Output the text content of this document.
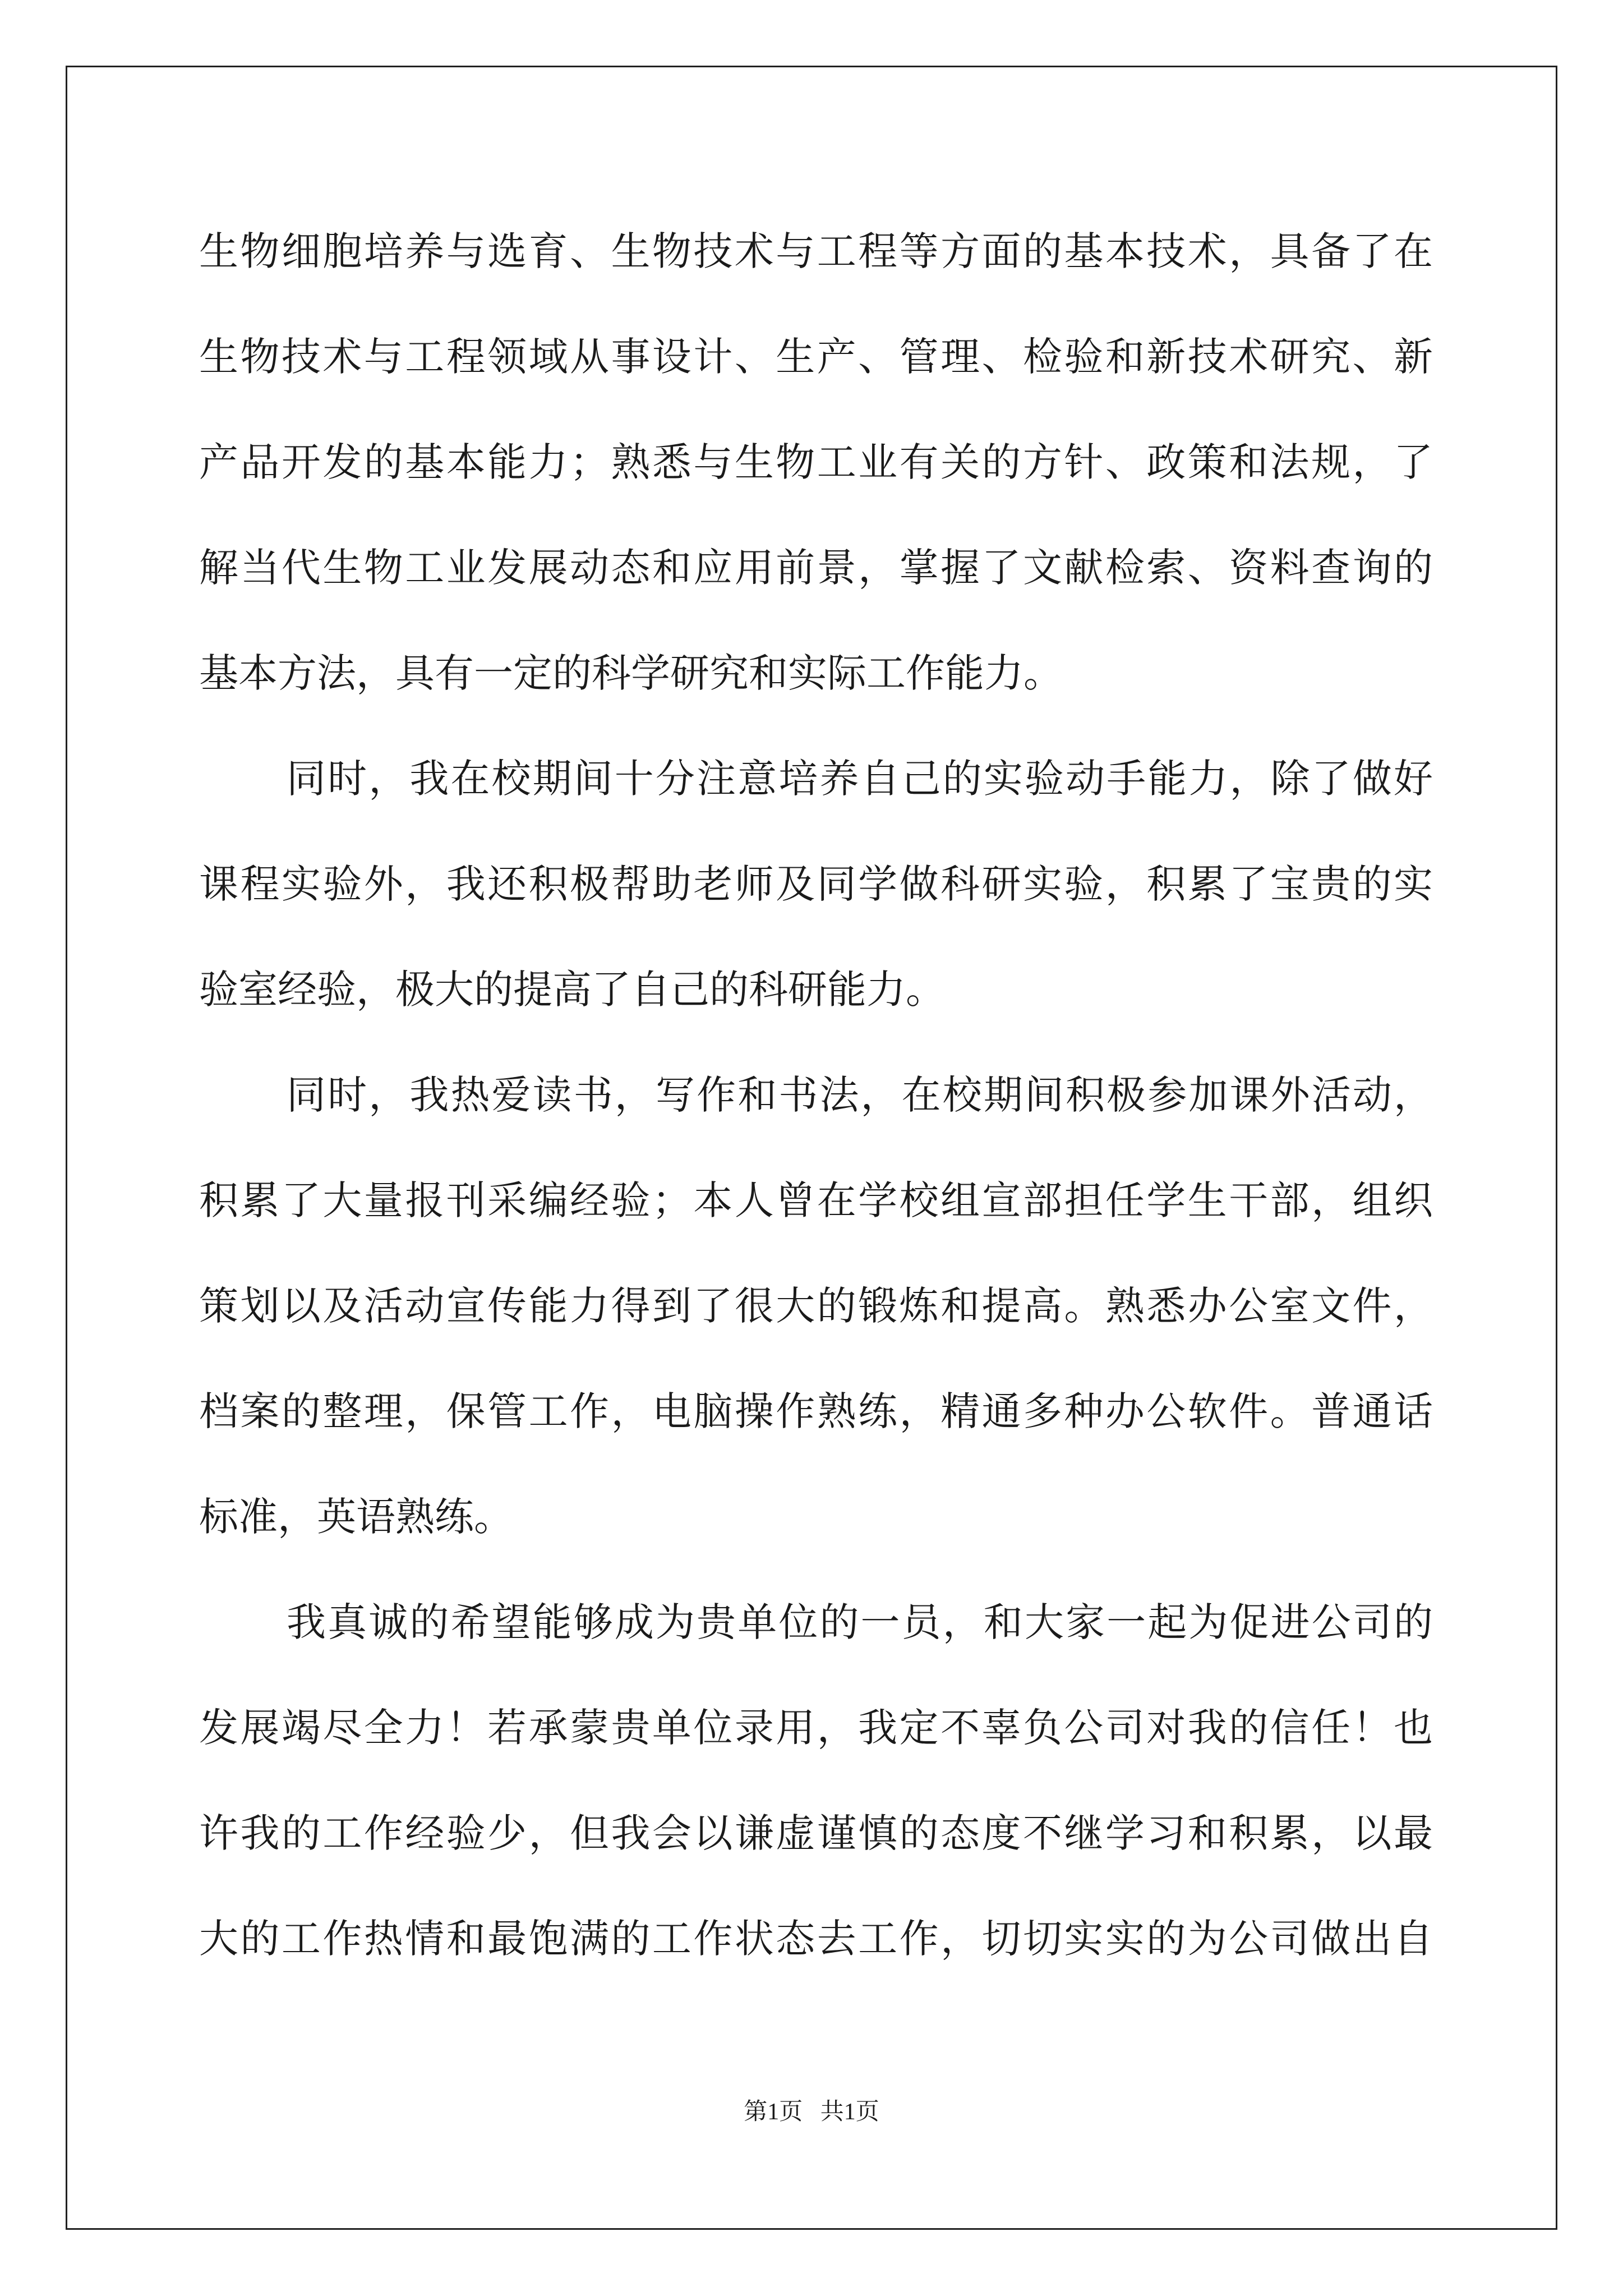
生物细胞培养与选育、生物技术与工程等方面的基本技术，具备了在
生物技术与工程领域从事设计、生产、管理、检验和新技术研究、新
产品开发的基本能力；熟悉与生物工业有关的方针、政策和法规，了
解当代生物工业发展动态和应用前景，掌握了文献检索、资料查询的
基本方法，具有一定的科学研究和实际工作能力。
同时，我在校期间十分注意培养自己的实验动手能力，除了做好
课程实验外，我还积极帮助老师及同学做科研实验，积累了宝贵的实
验室经验，极大的提高了自己的科研能力。
同时，我热爱读书，写作和书法，在校期间积极参加课外活动，
积累了大量报刊采编经验；本人曾在学校组宣部担任学生干部，组织
策划以及活动宣传能力得到了很大的锻炼和提高。熟悉办公室文件，
档案的整理，保管工作，电脑操作熟练，精通多种办公软件。普通话
标准，英语熟练。
我真诚的希望能够成为贵单位的一员，和大家一起为促进公司的
发展竭尽全力！若承蒙贵单位录用，我定不辜负公司对我的信任！也
许我的工作经验少，但我会以谦虚谨慎的态度不继学习和积累，以最
大的工作热情和最饱满的工作状态去工作，切切实实的为公司做出自
第1页   共1页
